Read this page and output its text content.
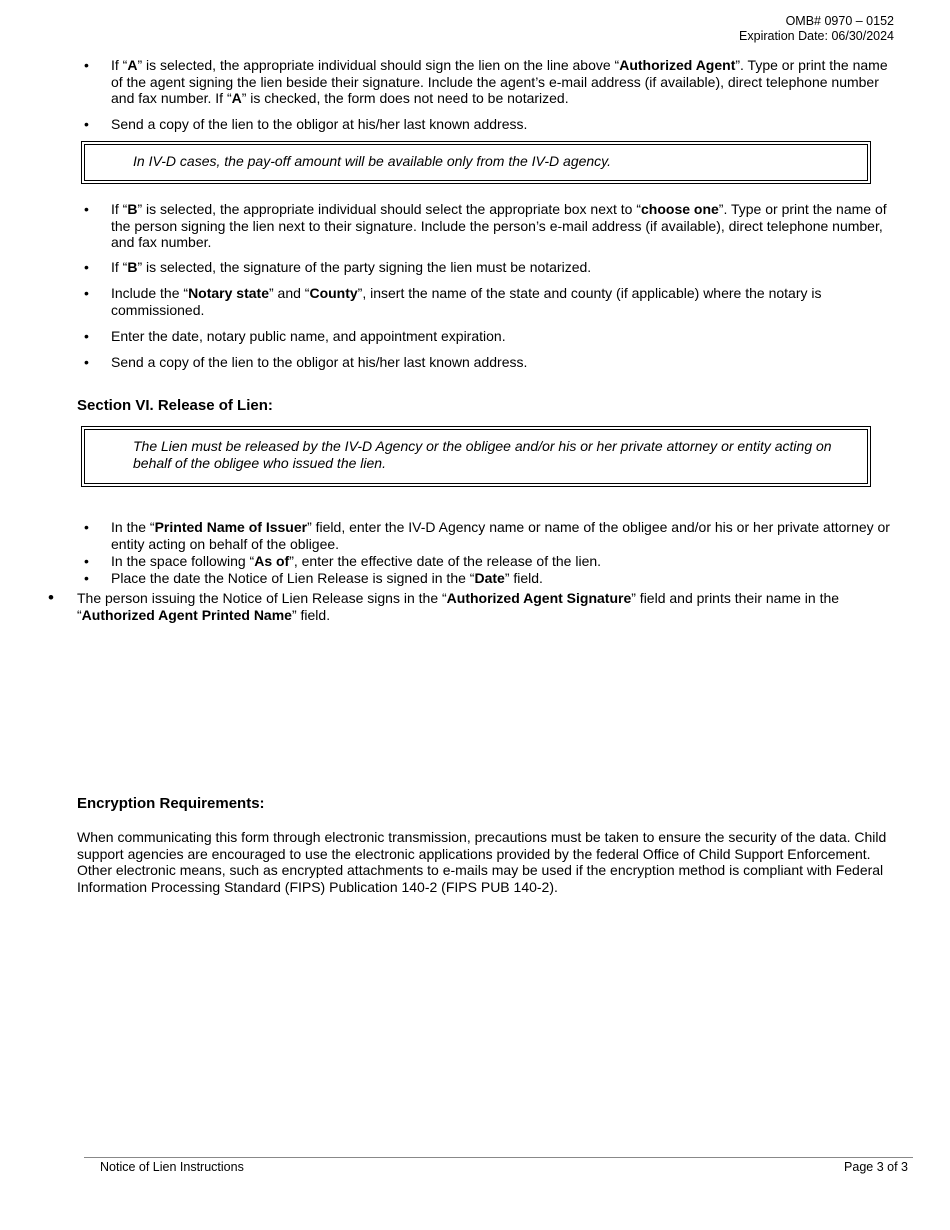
OMB# 0970 – 0152
Expiration Date: 06/30/2024
• If “A” is selected, the appropriate individual should sign the lien on the line above “Authorized Agent”. Type or print the name of the agent signing the lien beside their signature. Include the agent’s e-mail address (if available), direct telephone number and fax number. If “A” is checked, the form does not need to be notarized.
• Send a copy of the lien to the obligor at his/her last known address.
In IV-D cases, the pay-off amount will be available only from the IV-D agency.
• If “B” is selected, the appropriate individual should select the appropriate box next to “choose one”. Type or print the name of the person signing the lien next to their signature. Include the person’s e-mail address (if available), direct telephone number, and fax number.
• If “B” is selected, the signature of the party signing the lien must be notarized.
• Include the “Notary state” and “County”, insert the name of the state and county (if applicable) where the notary is commissioned.
• Enter the date, notary public name, and appointment expiration.
• Send a copy of the lien to the obligor at his/her last known address.
Section VI. Release of Lien:
The Lien must be released by the IV-D Agency or the obligee and/or his or her private attorney or entity acting on behalf of the obligee who issued the lien.
• In the “Printed Name of Issuer” field, enter the IV-D Agency name or name of the obligee and/or his or her private attorney or entity acting on behalf of the obligee.
• In the space following “As of”, enter the effective date of the release of the lien.
• Place the date the Notice of Lien Release is signed in the “Date” field.
• The person issuing the Notice of Lien Release signs in the “Authorized Agent Signature” field and prints their name in the “Authorized Agent Printed Name” field.
Encryption Requirements:
When communicating this form through electronic transmission, precautions must be taken to ensure the security of the data. Child support agencies are encouraged to use the electronic applications provided by the federal Office of Child Support Enforcement. Other electronic means, such as encrypted attachments to e-mails may be used if the encryption method is compliant with Federal Information Processing Standard (FIPS) Publication 140-2 (FIPS PUB 140-2).
Notice of Lien Instructions	Page 3 of 3
